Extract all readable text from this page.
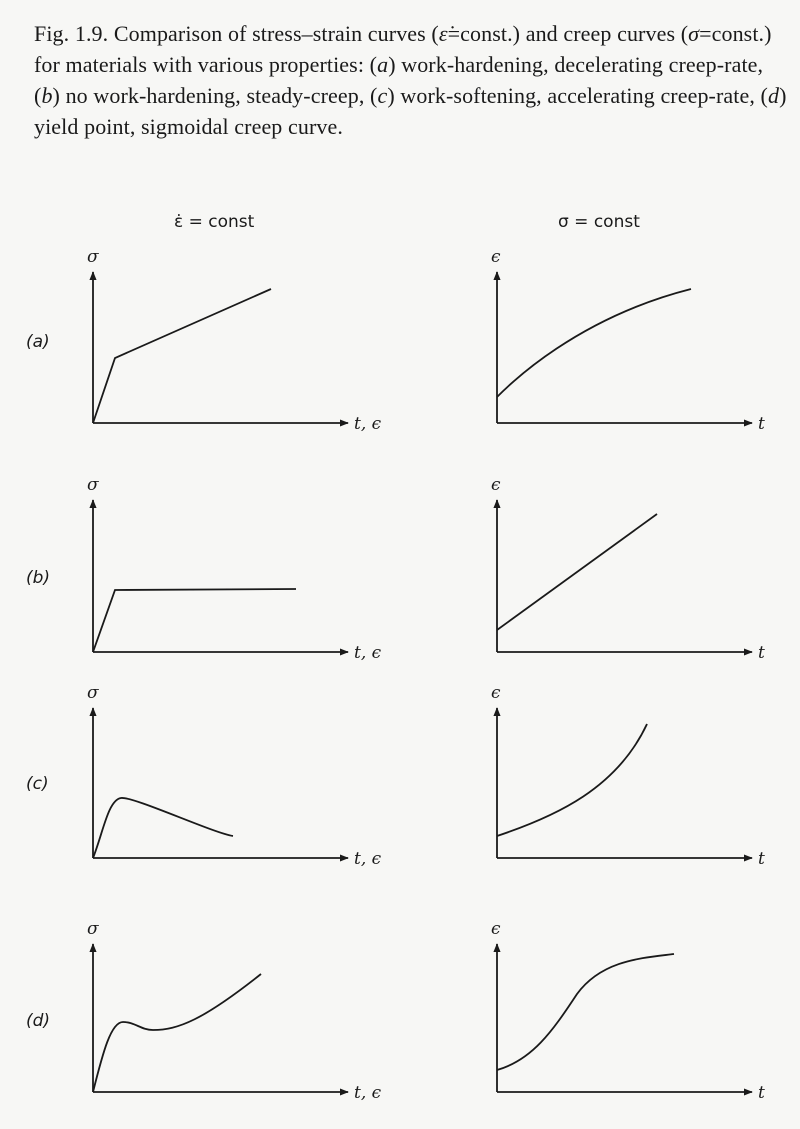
Fig. 1.9. Comparison of stress–strain curves (ε̇=const.) and creep curves (σ=const.) for materials with various properties: (a) work-hardening, decelerating creep-rate, (b) no work-hardening, steady-creep, (c) work-softening, accelerating creep-rate, (d) yield point, sigmoidal creep curve.
ε̇ = const	σ = const
(a)
(b)
(c)
(d)
σ
t, ϵ
ϵ
t
σ
t, ϵ
ϵ
t
σ
t, ϵ
ϵ
t
σ
t, ϵ
ϵ
t
